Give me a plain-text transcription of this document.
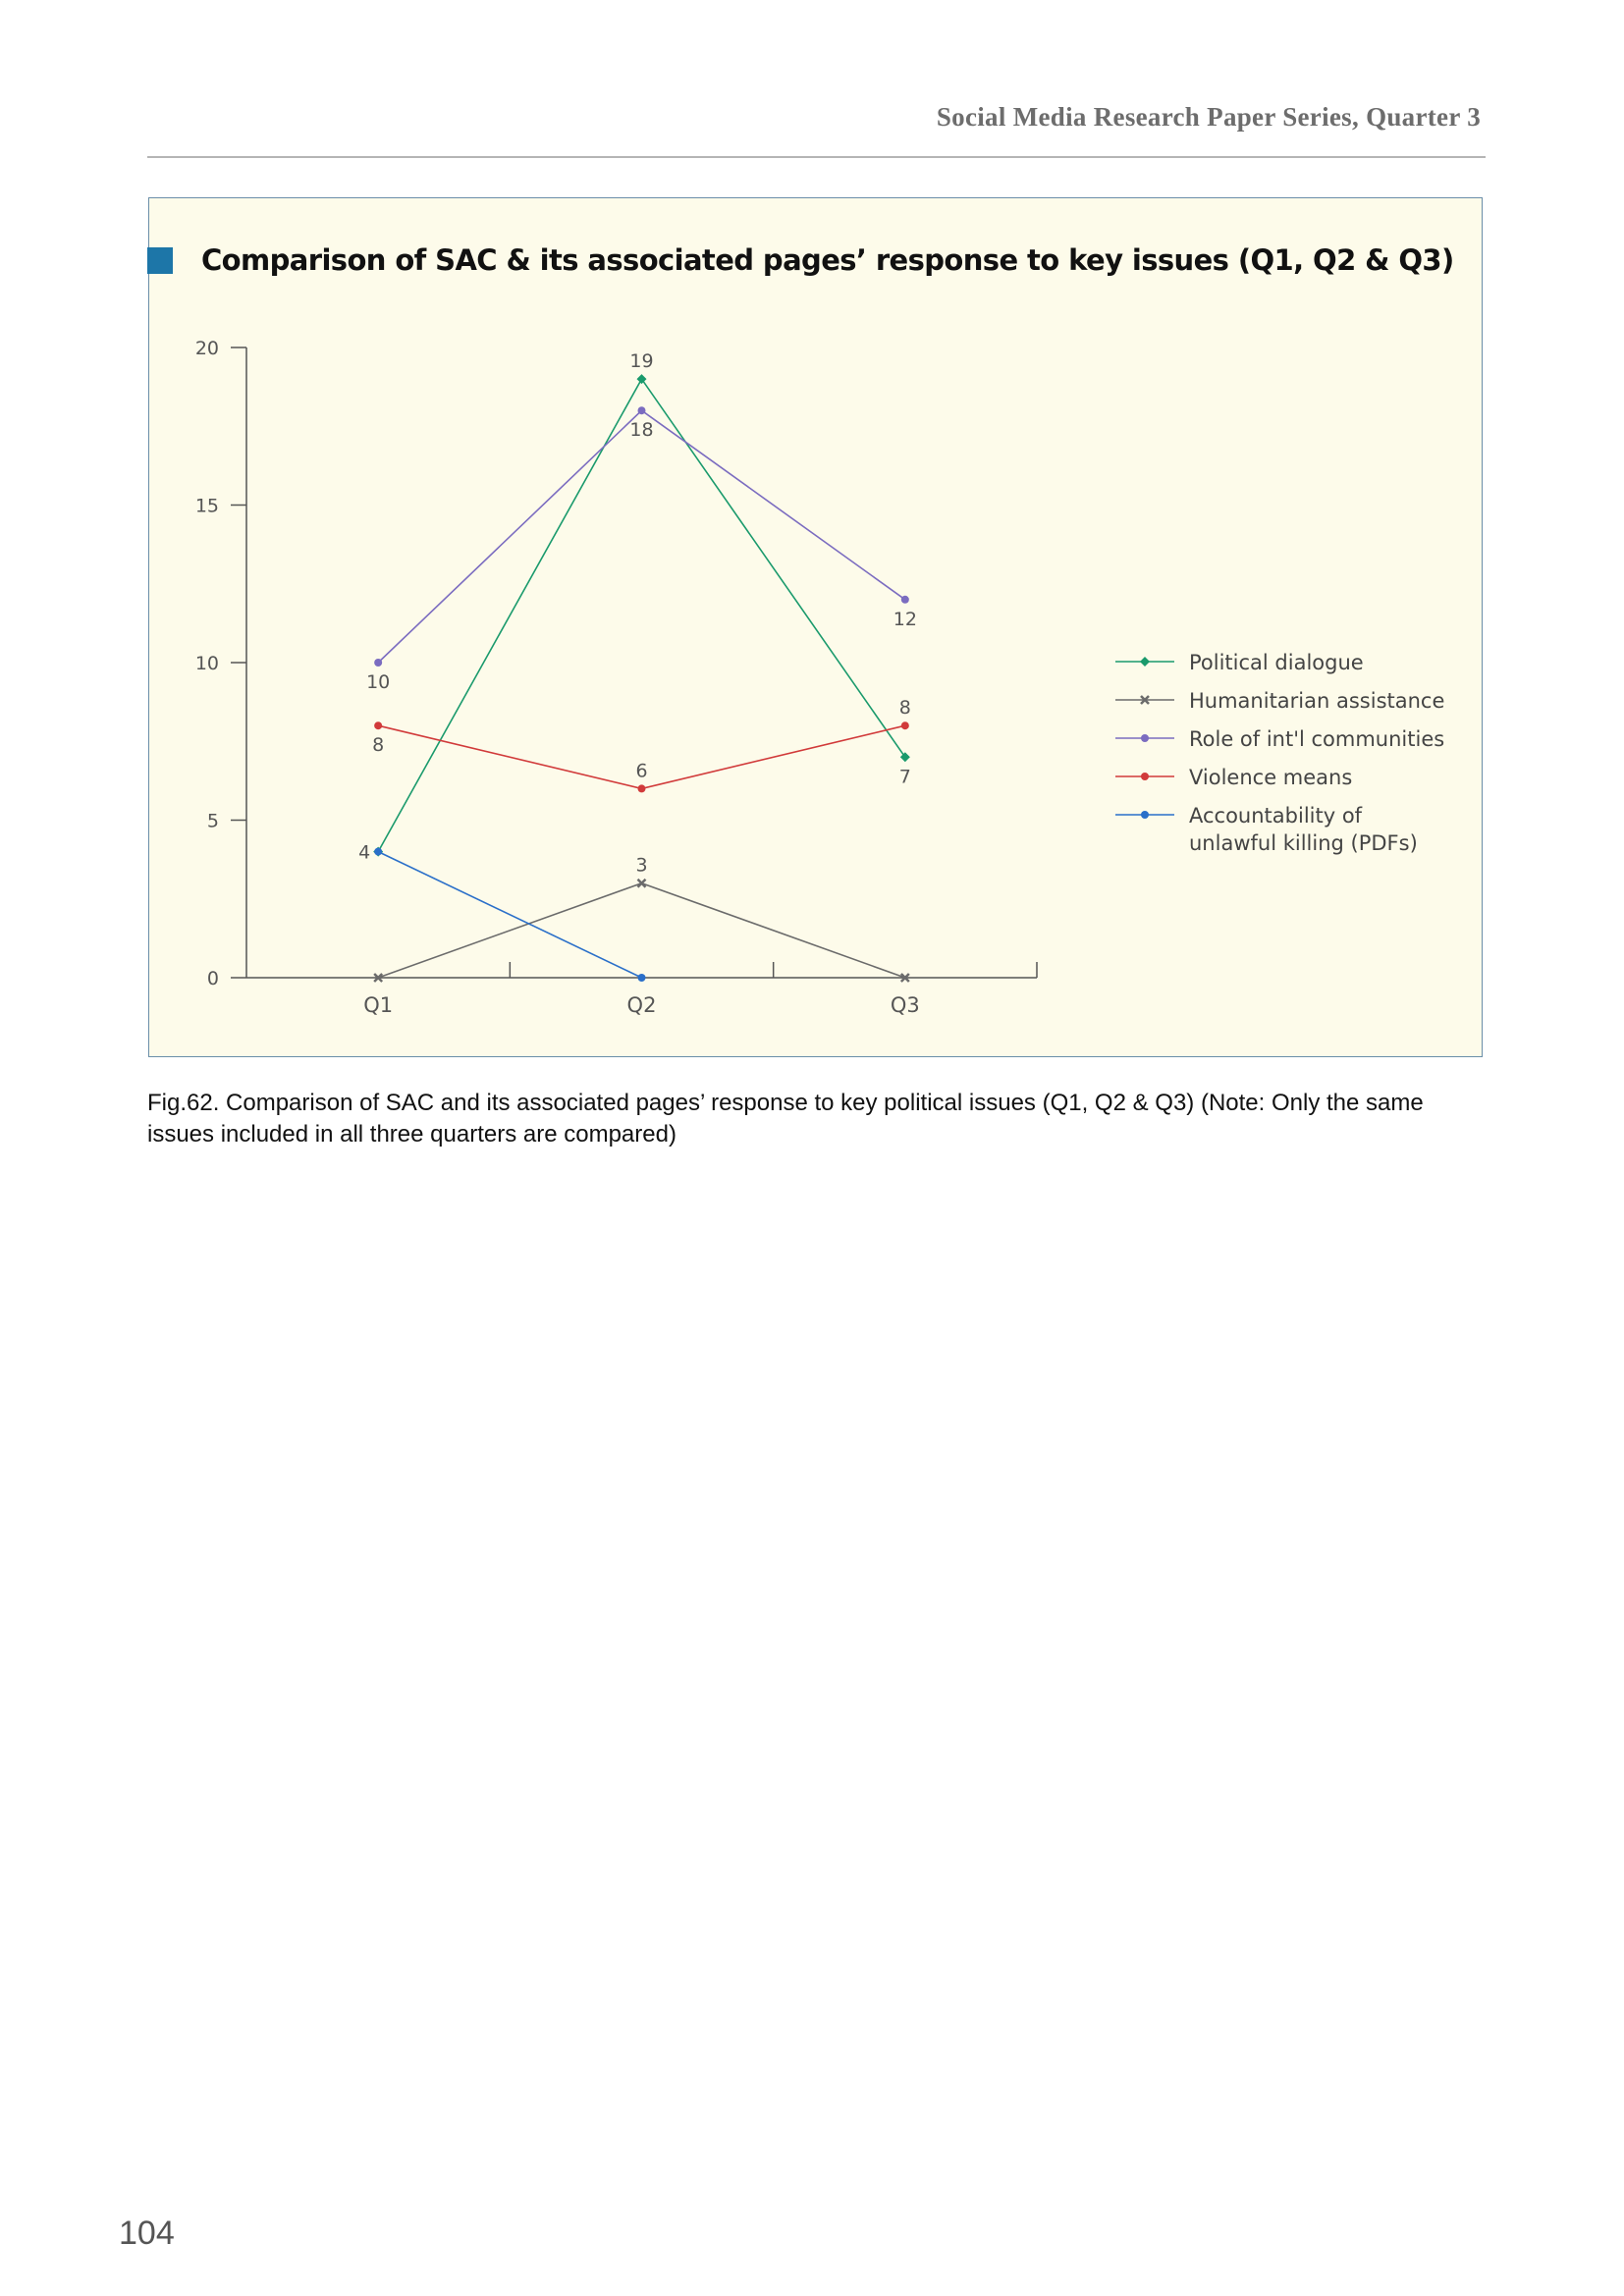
Social Media Research Paper Series, Quarter 3
Comparison of SAC & its associated pages’ response to key issues (Q1, Q2 & Q3)
0
5
10
15
20
Q1	Q2	Q3
19
7
3
10
18
12
8
6
8
4
Political dialogue
Humanitarian assistance
Role of int'l communities
Violence means
Accountability of unlawful killing (PDFs)
Fig.62. Comparison of SAC and its associated pages’ response to key political issues (Q1, Q2 & Q3) (Note: Only the same issues included in all three quarters are compared)
104
